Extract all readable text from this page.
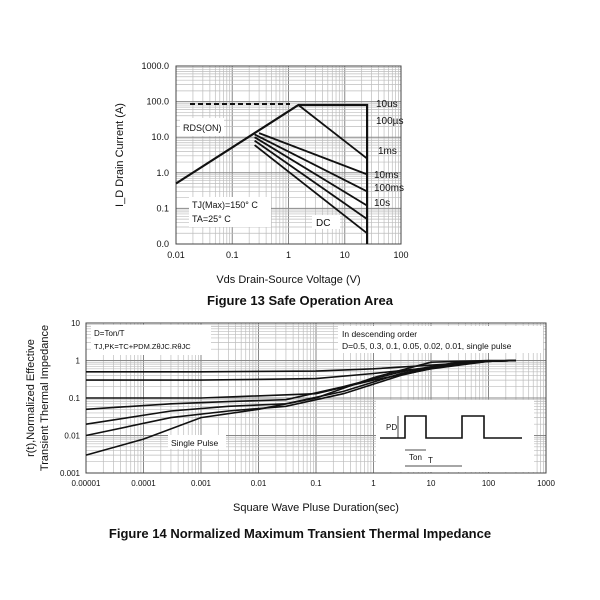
0.01	0.1	1	10	100
0.0
0.1
1.0
10.0
100.0
1000.0
10us
100µs
1ms
10ms
100ms
10s
RDS(ON)
TJ(Max)=150° C
TA=25° C	DC
Vds Drain-Source Voltage (V)
I_D Drain Current (A)
Figure 13 Safe Operation Area
0.00001	0.0001	0.001	0.01	0.1	1	10	100	1000
0.001
0.01
0.1
1
10
D=Ton/T
TJ,PK=TC+PDM.ZθJC.RθJC
In descending order
D=0.5, 0.3, 0.1, 0.05, 0.02, 0.01, single pulse
Single Pulse
PD
Ton T
Square Wave Pluse Duration(sec)
r(t),Normalized Effective Transient Thermal Impedance
Figure 14 Normalized Maximum Transient Thermal Impedance
